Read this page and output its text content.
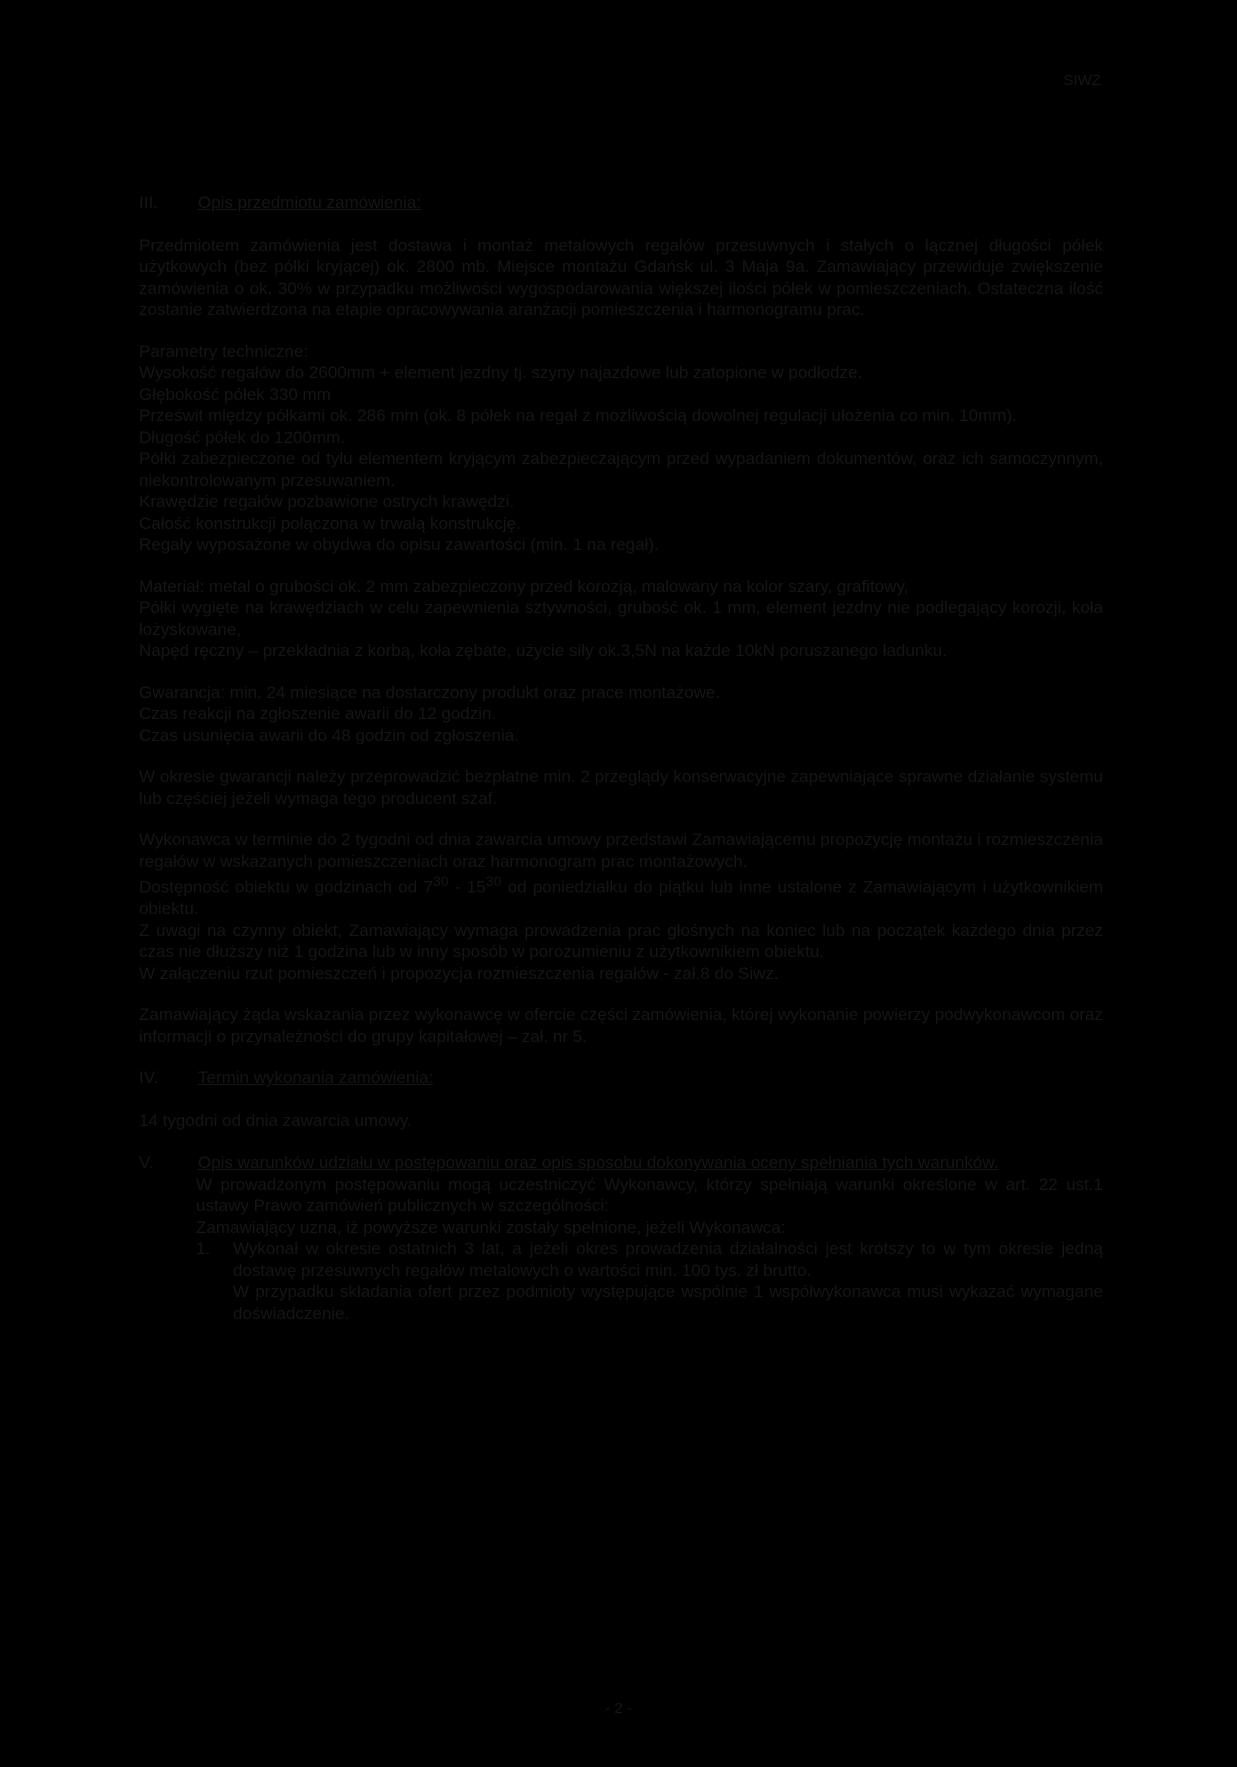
SIWZ
III.	Opis przedmiotu zamówienia:

Przedmiotem zamówienia jest dostawa i montaż metalowych regałów przesuwnych i stałych o łącznej długości półek użytkowych (bez półki kryjącej) ok. 2800 mb. Miejsce montażu Gdańsk ul. 3 Maja 9a. Zamawiający przewiduje zwiększenie zamówienia o ok. 30% w przypadku możliwości wygospodarowania większej ilości półek w pomieszczeniach. Ostateczna ilość zostanie zatwierdzona na etapie opracowywania aranżacji pomieszczenia i harmonogramu prac.

Parametry techniczne:

Wysokość regałów do 2600mm + element jezdny tj. szyny najazdowe lub zatopione w podłodze.

Głębokość półek 330 mm

Prześwit między półkami ok. 286 mm (ok. 8 półek na regał z możliwością dowolnej regulacji ułożenia co min. 10mm).

Długość półek do 1200mm.

Półki zabezpieczone od tyłu elementem kryjącym zabezpieczającym przed wypadaniem dokumentów, oraz ich samoczynnym, niekontrolowanym przesuwaniem.

Krawędzie regałów pozbawione ostrych krawędzi.

Całość konstrukcji połączona w trwałą konstrukcję.

Regały wyposażone w obydwa do opisu zawartości (min. 1 na regał).

Materiał: metal o grubości ok. 2 mm zabezpieczony przed korozją, malowany na kolor szary, grafitowy,

Półki wygięte na krawędziach w celu zapewnienia sztywności, grubość ok. 1 mm, element jezdny nie podlegający korozji, koła łożyskowane,

Napęd ręczny – przekładnia z korbą, koła zębate, użycie siły ok.3,5N na każde 10kN poruszanego ładunku.

Gwarancja: min. 24 miesiące na dostarczony produkt oraz prace montażowe.

Czas reakcji na zgłoszenie awarii do 12 godzin.

Czas usunięcia awarii do 48 godzin od zgłoszenia.

W okresie gwarancji należy przeprowadzić bezpłatne min. 2 przeglądy konserwacyjne zapewniające sprawne działanie systemu lub częściej jeżeli wymaga tego producent szaf.

Wykonawca w terminie do 2 tygodni od dnia zawarcia umowy przedstawi Zamawiającemu propozycję montażu i rozmieszczenia regałów w wskazanych pomieszczeniach oraz harmonogram prac montażowych.

Dostępność obiektu w godzinach od $7^{30} - 15^{30}$ od poniedziałku do piątku lub inne ustalone z Zamawiającym i użytkownikiem obiektu.

Z uwagi na czynny obiekt, Zamawiający wymaga prowadzenia prac głośnych na koniec lub na początek każdego dnia przez czas nie dłuższy niż 1 godzina lub w inny sposób w porozumieniu z użytkownikiem obiektu.

W załączeniu rzut pomieszczeń i propozycja rozmieszczenia regałów - zał.8 do Siwz.

Zamawiający żąda wskazania przez wykonawcę w ofercie części zamówienia, której wykonanie powierzy podwykonawcom oraz informacji o przynależności do grupy kapitałowej – zał. nr 5.

IV.	Termin wykonania zamówienia:

14 tygodni od dnia zawarcia umowy.

V.	Opis warunków udziału w postępowaniu oraz opis sposobu dokonywania oceny spełniania tych warunków.

W prowadzonym postępowaniu mogą uczestniczyć Wykonawcy, którzy spełniają warunki określone w art. 22 ust.1 ustawy Prawo zamówień publicznych w szczególności:

Zamawiający uzna, iż powyższe warunki zostały spełnione, jeżeli Wykonawca:

1.	Wykonał w okresie ostatnich 3 lat, a jeżeli okres prowadzenia działalności jest krótszy to w tym okresie jedną dostawę przesuwnych regałów metalowych o wartości min. 100 tys. zł brutto.

W przypadku składania ofert przez podmioty występujące wspólnie 1 współwykonawca musi wykazać wymagane doświadczenie.

- 2 -
